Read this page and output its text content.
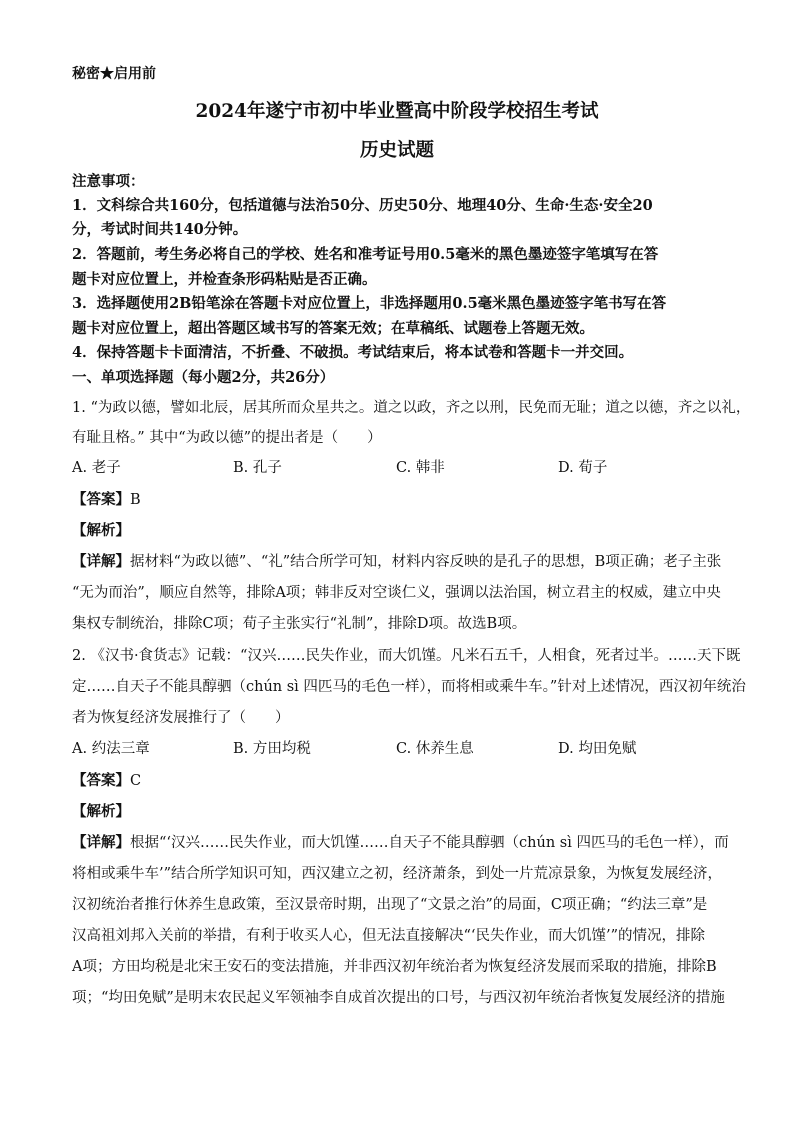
秘密★启用前
2024年遂宁市初中毕业暨高中阶段学校招生考试
历史试题
注意事项：
1．文科综合共160分，包括道德与法治50分、历史50分、地理40分、生命·生态·安全20
分，考试时间共140分钟。
2．答题前，考生务必将自己的学校、姓名和准考证号用0.5毫米的黑色墨迹签字笔填写在答
题卡对应位置上，并检查条形码粘贴是否正确。
3．选择题使用2B铅笔涂在答题卡对应位置上，非选择题用0.5毫米黑色墨迹签字笔书写在答
题卡对应位置上，超出答题区域书写的答案无效；在草稿纸、试题卷上答题无效。
4．保持答题卡卡面清洁，不折叠、不破损。考试结束后，将本试卷和答题卡一并交回。
一、单项选择题（每小题2分，共26分）
1. “为政以德，譬如北辰，居其所而众星共之。道之以政，齐之以刑，民免而无耻；道之以德，齐之以礼，
有耻且格。” 其中“为政以德”的提出者是（　　）
A. 老子	B. 孔子	C. 韩非	D. 荀子
【答案】B
【解析】
【详解】据材料“为政以德”、“礼”结合所学可知，材料内容反映的是孔子的思想，B项正确；老子主张
“无为而治”，顺应自然等，排除A项；韩非反对空谈仁义，强调以法治国，树立君主的权威，建立中央
集权专制统治，排除C项；荀子主张实行“礼制”，排除D项。故选B项。
2. 《汉书·食货志》记载：“汉兴……民失作业，而大饥馑。凡米石五千，人相食，死者过半。……天下既
定……自天子不能具醇驷（chún sì 四匹马的毛色一样），而将相或乘牛车。”针对上述情况，西汉初年统治
者为恢复经济发展推行了（　　）
A. 约法三章	B. 方田均税	C. 休养生息	D. 均田免赋
【答案】C
【解析】
【详解】根据“‘汉兴……民失作业，而大饥馑……自天子不能具醇驷（chún sì 四匹马的毛色一样），而
将相或乘牛车’”结合所学知识可知，西汉建立之初，经济萧条，到处一片荒凉景象，为恢复发展经济，
汉初统治者推行休养生息政策，至汉景帝时期，出现了“文景之治”的局面，C项正确；“约法三章”是
汉高祖刘邦入关前的举措，有利于收买人心，但无法直接解决“‘民失作业，而大饥馑’”的情况，排除
A项；方田均税是北宋王安石的变法措施，并非西汉初年统治者为恢复经济发展而采取的措施，排除B
项；“均田免赋”是明末农民起义军领袖李自成首次提出的口号，与西汉初年统治者恢复发展经济的措施
